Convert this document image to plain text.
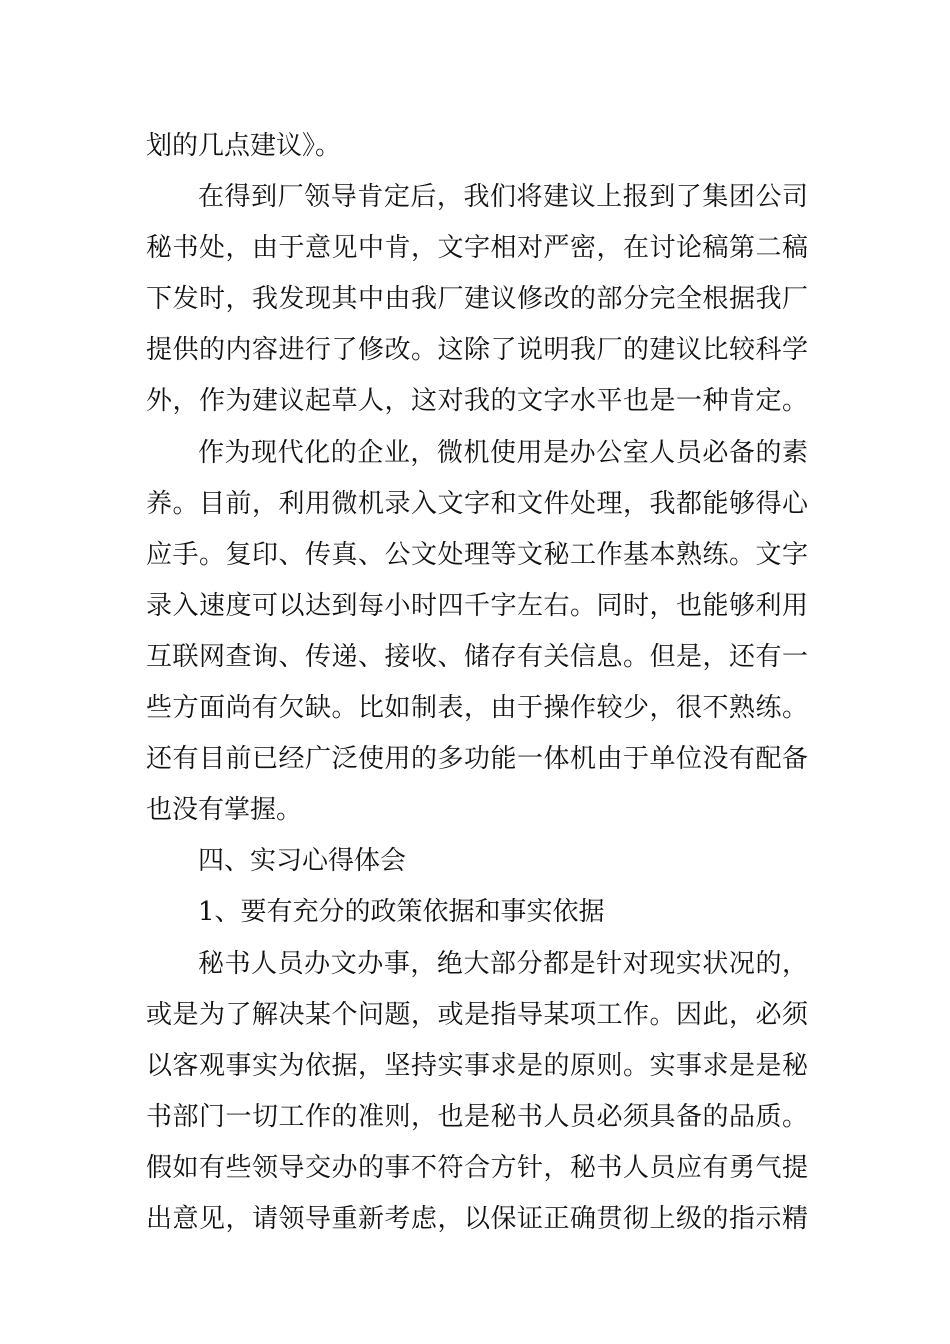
划的几点建议》。
在得到厂领导肯定后，我们将建议上报到了集团公司
秘书处，由于意见中肯，文字相对严密，在讨论稿第二稿
下发时，我发现其中由我厂建议修改的部分完全根据我厂
提供的内容进行了修改。这除了说明我厂的建议比较科学
外，作为建议起草人，这对我的文字水平也是一种肯定。
作为现代化的企业，微机使用是办公室人员必备的素
养。目前，利用微机录入文字和文件处理，我都能够得心
应手。复印、传真、公文处理等文秘工作基本熟练。文字
录入速度可以达到每小时四千字左右。同时，也能够利用
互联网查询、传递、接收、储存有关信息。但是，还有一
些方面尚有欠缺。比如制表，由于操作较少，很不熟练。
还有目前已经广泛使用的多功能一体机由于单位没有配备
也没有掌握。
四、实习心得体会
1、要有充分的政策依据和事实依据
秘书人员办文办事，绝大部分都是针对现实状况的，
或是为了解决某个问题，或是指导某项工作。因此，必须
以客观事实为依据，坚持实事求是的原则。实事求是是秘
书部门一切工作的准则，也是秘书人员必须具备的品质。
假如有些领导交办的事不符合方针，秘书人员应有勇气提
出意见，请领导重新考虑，以保证正确贯彻上级的指示精
